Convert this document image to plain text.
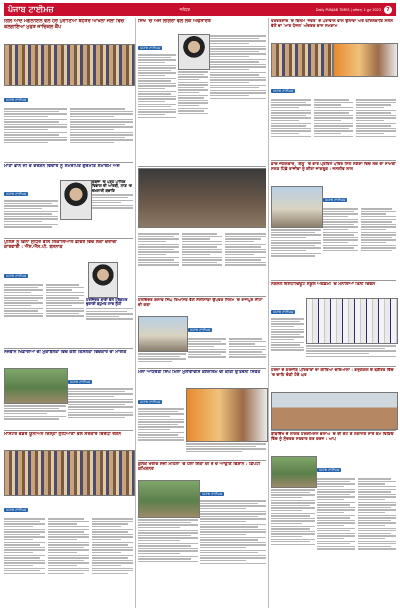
ਪੰਜਾਬ ਟਾਈਮਜ਼	ਜਲੰਧਰ	Daily PUNJAB TIMES | ਜਲੰਧਰ, 1 ਜੂਨ 2023	7

ਗਿੱਲ ਆਂਦੇ ਮੋਗਲਾਇਲ ਵੱਲੋਂ ਹਰ ਪੁਰਾਣਿਆਂ ਬਹਤਰ ਆਖਲਾਂ ਜਲਾਂ ਵਿਚ ਕਲਗਾਇਆ ਮੁਫਤ ਜਾਚਿਕਲ ਕੈਂਪ

ਪੰਜਾਬ ਟਾਈਮਜ਼

ਮਾਤਾ ਭਾਨੋ ਜੀ ਦੇ ਦਰਸ਼ਨ ਵਿਦਾਰੋ ਨੂੰ ਸਮਰਪਿਤ ਗੁਰਮਤਿ ਸਮਾਗਮ ਅੱਜ

ਪੰਜਾਬ ਟਾਈਮਜ਼

ਕਬਜ਼ਾ 'ਚ ਪੜ੍ਹ ਪਾਲਿਕ ਵਿਭਾਗ ਦੀ ਆਰਬੀ, ਲਾਣ 'ਚ ਦਖ਼ਲਾਰੀ ਬਚਾਇ

ਪੁਲਿਸ ਨੂੰ ਭਿਨਾਂ ਸੁਧਿਰ ਵਲਿੰ ਲਿਕਾਲਿਆਲ ਡੀਵਰ ਵਿੱਚੋਂ ਲੋਕਾਂ ਚੋਰਾਂਦੀ ਕਾਰਵਾਈ : ਐੱਸ.ਐੱਸ.ਪੀ. ਬਸਨਾਕ

ਪੰਜਾਬ ਟਾਈਮਜ਼

ਹਰਜਿੰਦਰ ਬਾਈ ਵੱਲੋਂ ਟ੍ਰੈਕਟਰ ਚੁਰਾਈ ਬਹੁਮਤ ਲਾਦ ਲੁੱਟੀ

ਨੌਜਵਾਨ ਖਿਡਾਰੀਆਂ ਦੀ ਮੁਕਾਬਲਤਾ ਵਿਚ ਕਈ ਕਿਸਲਤਾ ਵਿਚਕਾਰ ਦਾ ਮਾਰੀਕ

ਪੰਜਾਬ ਟਾਈਮਜ਼

ਮਾਸਟਰ ਵੰਡਰ ਯੂਨੀਅਨ ਜ਼ਿਲ੍ਹਾ ਲੁਧਿਆਣਾ ਵੱਲੋਂ ਸਰਕਾਰ ਵਿਰਧੀ ਰੋਸ਼ਨ

ਪੰਜਾਬ ਟਾਈਮਜ਼

ਸਿੱਖੋ 'ਚ ਅੱਜ ਲਗਿਰਾਂ ਵੱਲੋਂ ਲੋਕ ਅਫਸਾਰਤ

ਪੰਜਾਬ ਟਾਈਮਜ਼

ਹਲਵਿੰਦਰ ਕਲਾਵ ਸਿੰਘ ਰਿਆਸਤ ਵੱਲੋਂ ਸੋਲੀਸਾਂਡਾ ਉਪਵਰ ਨਿਲਮ 'ਚ ਰਾਜਪੁਰ ਸੀਟਾ ਦੀ ਕਥਾ

ਪੰਜਾਬ ਟਾਈਮਜ਼

ਮੇਲਾ ਆਯਰੋਤੀ ਸਿੰਘ ਮਿਲਾਂ ਮੁਲਾਵਾਵੀਸ ਕੋਲਨਰਿਮ ਦੀ ਕੀਤੀ ਉੱਤਰਨੀ ਸਿਫਤ

ਪੰਜਾਬ ਟਾਈਮਜ਼

ਕੁਲੋਂਕ ਖਰੀਦ ਸੱਜੀ ਮਹਿਲਾ 'ਚ ਹੋਲਾ ਇੱਕਾ ਦੀ ਰੋ ਦੇ ਆਉਣਿ ਵਿਸ਼ਾਨ : ਡਿਪਟੀ ਕਮਿਸ਼ਨਰ

ਪੰਜਾਬ ਟਾਈਮਜ਼

ਫਰਵਰਸ਼ਾਂਕ 'ਚ ਬਿਲਮ 'ਜਵਰ' ਦੇ ਪਰਾਵਾਲ ਵਾਲ ਉਲਾਵਾ ਅਤੇ ਫਰਿਲੋਕਾਣਿ ਸਲੋਲ ਵੱਲੋਂ ਦਾ 'ਮਾਰ ਪੈਜਲ' ਅੰਦਰਕ ਦਾਨ ਸਮਗਾਮ

ਪੰਜਾਬ ਟਾਈਮਜ਼

ਡਾਕ ਜੋਗਲਕਾਰ, 'ਕੇਲੂ' 'ਚ ਭਾਰ ਪ੍ਰਤਿਨ ਪਰਿਤ ਮਿੱਲ ਸੰਗੇਸ਼ਾ ਵਿਚ ਲੋਕ ਦਾ ਸਾਮਤੀ ਸਲਣ ਪਿੱਛੇ ਰਾਜੀਵਾ ਨੂੰ ਕੀਤਾ ਜਾਗਰੂਕ : ਜਸਲੀਵ ਲਾਲ

ਪੰਜਾਬ ਟਾਈਮਜ਼

ਨੈਸ਼ਨਲ ਇੰਸਟੀਚਿਊਟ ਸਕੂਲ ਅਕੈਡਮੀ 'ਚ ਮਨਾਇਆ ਤਿੰਨੀ ਦਿਵਸ

ਪੰਜਾਬ ਟਾਈਮਜ਼

ਹਰਜ਼ਾ ਦੇ ਗਰਜੀਬ ਪਰਿਵਾਰਾਂ ਦਾ ਕੀਤਿਆ ਦਰਿਆਲਾ : ਗਜ਼ੁਗੰਗਲ ਦੇ ਬਗ਼ੈਰੋਤ ਵਿੱਚ 'ਚ ਚਾਹਿ ਚੋਣੀ ਹੋਏ ਘਰ

ਬੀਬਦਿੱਖੋ ਦੇ ਲਾਗਤ ਹਰਕਮਿਸ਼ਨ ਭਲਾਅ 'ਚ ਦੀ ਕੋਟ ਕੇ ਲਗਾਨਤੇ ਸਾਰੇ ਕੰਮ ਵਿਡਿਓ ਵਿੱਚ ਨੂੰ ਸੁੰਦਰਕ ਸਰਵਾਰ ਕਰ ਕਰਜ : ਆਪ

ਪੰਜਾਬ ਟਾਈਮਜ਼
